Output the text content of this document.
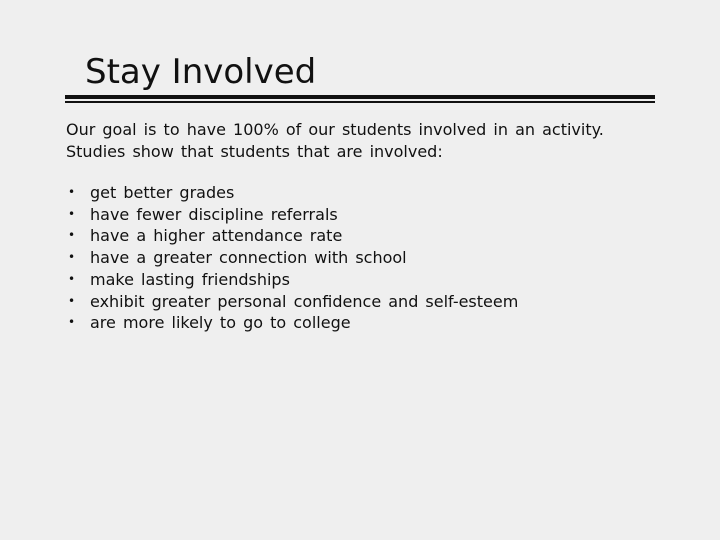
Stay Involved

Our goal is to have 100% of our students involved in an activity.

Studies show that students that are involved:

• get better grades
• have fewer discipline referrals
• have a higher attendance rate
• have a greater connection with school
• make lasting friendships
• exhibit greater personal confidence and self-esteem
• are more likely to go to college
